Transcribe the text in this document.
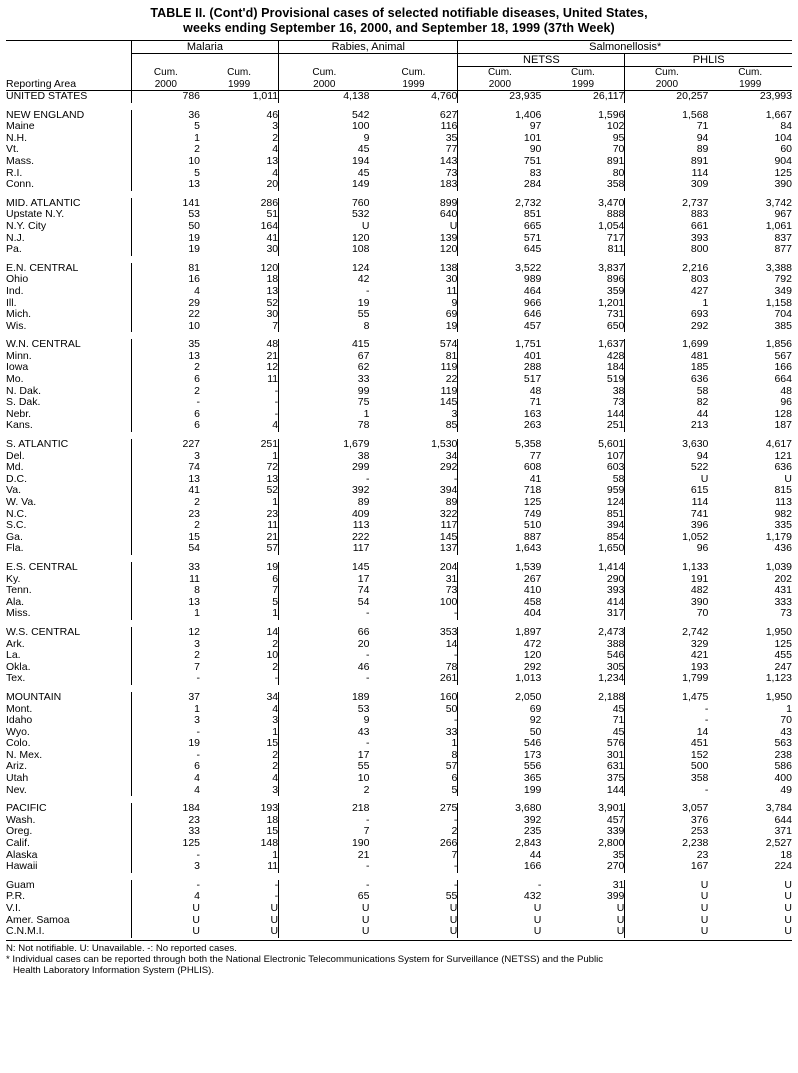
TABLE II. (Cont'd) Provisional cases of selected notifiable diseases, United States,
weeks ending September 16, 2000, and September 18, 1999 (37th Week)
	Malaria		Rabies, Animal		Salmonellosis*			
					NETSS		PHLIS	
	Cum.	Cum.	Cum.	Cum.	Cum.	Cum.	Cum.	Cum.
Reporting Area	2000	1999	2000	1999	2000	1999	2000	1999
UNITED STATES	786	1,011	4,138	4,760	23,935	26,117	20,257	23,993

NEW ENGLAND	36	46	542	627	1,406	1,596	1,568	1,667
Maine	5	3	100	116	97	102	71	84
N.H.	1	2	9	35	101	95	94	104
Vt.	2	4	45	77	90	70	89	60
Mass.	10	13	194	143	751	891	891	904
R.I.	5	4	45	73	83	80	114	125
Conn.	13	20	149	183	284	358	309	390

MID. ATLANTIC	141	286	760	899	2,732	3,470	2,737	3,742
Upstate N.Y.	53	51	532	640	851	888	883	967
N.Y. City	50	164	U	U	665	1,054	661	1,061
N.J.	19	41	120	139	571	717	393	837
Pa.	19	30	108	120	645	811	800	877

E.N. CENTRAL	81	120	124	138	3,522	3,837	2,216	3,388
Ohio	16	18	42	30	989	896	803	792
Ind.	4	13	-	11	464	359	427	349
Ill.	29	52	19	9	966	1,201	1	1,158
Mich.	22	30	55	69	646	731	693	704
Wis.	10	7	8	19	457	650	292	385

W.N. CENTRAL	35	48	415	574	1,751	1,637	1,699	1,856
Minn.	13	21	67	81	401	428	481	567
Iowa	2	12	62	119	288	184	185	166
Mo.	6	11	33	22	517	519	636	664
N. Dak.	2	-	99	119	48	38	58	48
S. Dak.	-	-	75	145	71	73	82	96
Nebr.	6	-	1	3	163	144	44	128
Kans.	6	4	78	85	263	251	213	187

S. ATLANTIC	227	251	1,679	1,530	5,358	5,601	3,630	4,617
Del.	3	1	38	34	77	107	94	121
Md.	74	72	299	292	608	603	522	636
D.C.	13	13	-	-	41	58	U	U
Va.	41	52	392	394	718	959	615	815
W. Va.	2	1	89	89	125	124	114	113
N.C.	23	23	409	322	749	851	741	982
S.C.	2	11	113	117	510	394	396	335
Ga.	15	21	222	145	887	854	1,052	1,179
Fla.	54	57	117	137	1,643	1,650	96	436

E.S. CENTRAL	33	19	145	204	1,539	1,414	1,133	1,039
Ky.	11	6	17	31	267	290	191	202
Tenn.	8	7	74	73	410	393	482	431
Ala.	13	5	54	100	458	414	390	333
Miss.	1	1	-	-	404	317	70	73

W.S. CENTRAL	12	14	66	353	1,897	2,473	2,742	1,950
Ark.	3	2	20	14	472	388	329	125
La.	2	10	-	-	120	546	421	455
Okla.	7	2	46	78	292	305	193	247
Tex.	-	-	-	261	1,013	1,234	1,799	1,123

MOUNTAIN	37	34	189	160	2,050	2,188	1,475	1,950
Mont.	1	4	53	50	69	45	-	1
Idaho	3	3	9	-	92	71	-	70
Wyo.	-	1	43	33	50	45	14	43
Colo.	19	15	-	1	546	576	451	563
N. Mex.	-	2	17	8	173	301	152	238
Ariz.	6	2	55	57	556	631	500	586
Utah	4	4	10	6	365	375	358	400
Nev.	4	3	2	5	199	144	-	49

PACIFIC	184	193	218	275	3,680	3,901	3,057	3,784
Wash.	23	18	-	-	392	457	376	644
Oreg.	33	15	7	2	235	339	253	371
Calif.	125	148	190	266	2,843	2,800	2,238	2,527
Alaska	-	1	21	7	44	35	23	18
Hawaii	3	11	-	-	166	270	167	224

Guam	-	-	-	-	-	31	U	U
P.R.	4	-	65	55	432	399	U	U
V.I.	U	U	U	U	U	U	U	U
Amer. Samoa	U	U	U	U	U	U	U	U
C.N.M.I.	U	U	U	U	U	U	U	U
N: Not notifiable. U: Unavailable. -: No reported cases.
* Individual cases can be reported through both the National Electronic Telecommunications System for Surveillance (NETSS) and the Public
Health Laboratory Information System (PHLIS).
